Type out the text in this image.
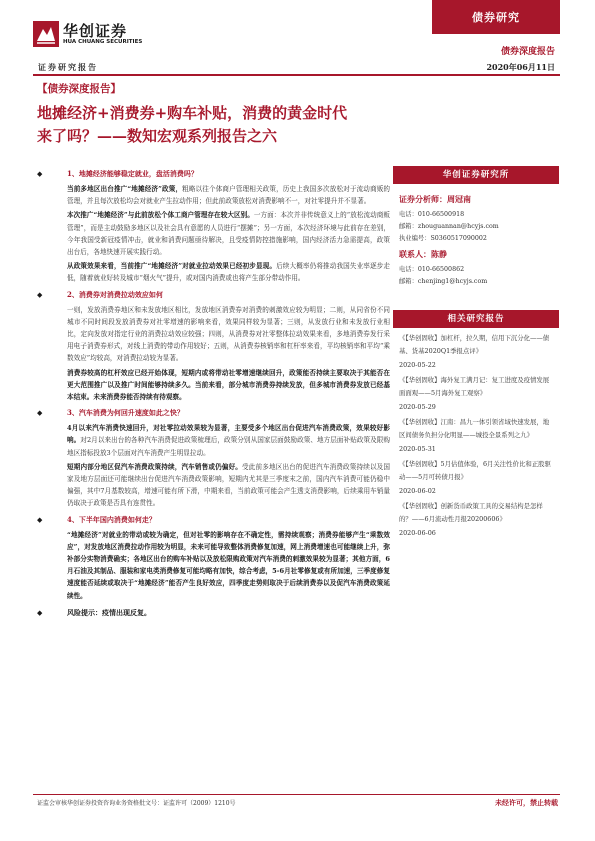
华创证券
HUA CHUANG SECURITIES
证券研究报告
债券研究
债券深度报告
2020年06月11日
【债券深度报告】
地摊经济+消费券+购车补贴，消费的黄金时代来了吗？——数知宏观系列报告之六
◆	1、地摊经济能够稳定就业，盘活消费吗？
当前多地区出台推广“地摊经济”政策，粗略以往个体商户管理相关政策，历史上我国多次放松对于流动商贩的管理，并且每次放松均会对就业产生拉动作用；但此前政策放松对消费影响不一，对社零提升并不显著。
本次推广“地摊经济”与此前放松个体工商户管理存在较大区别。一方面：本次并非传统意义上的“放松流动商贩管理”，而是主动鼓励多地区以及社会具有意愿的人员进行“摆摊”；另一方面，本次经济环境与此前存在差别，今年我国受新冠疫情冲击，就业和消费问题亟待解决，且受疫情防控措施影响，国内经济活力急需提高，政策出台后，各地快速开展实践行动。
从政策效果来看，当前推广“地摊经济”对就业拉动效果已经初步显现。后续大概率仍将推动我国失业率逐步走低，随着就业好转及城市“烟火气”提升，或对国内消费或也将产生部分带动作用。
◆	2、消费券对消费拉动效应如何
一则，发放消费券地区和未发放地区相比，发放地区消费券对消费的刺激效应较为明显；二则，从同省份不同城市不同时间段发放消费券对社零增速的影响来看，效果同样较为显著；三则，从发放行业和未发放行业相比，定向发放对指定行业的消费拉动效应较强；四则，从消费券对社零整体拉动效果来看，多地消费券发行采用电子消费券形式，对线上消费的带动作用较好；五则，从消费券核销率和杠杆率来看，平均核销率和平均“乘数效应”均较高，对消费拉动较为显著。
消费券较高的杠杆效应已经开始体现，短期内或将带动社零增速继续回升，政策能否持续主要取决于其能否在更大范围推广以及推广时间能够持续多久。当前来看，部分城市消费券持续发放，但多城市消费券发放已经基本结束。未来消费券能否持续有待观察。
◆	3、汽车消费为何回升速度如此之快？
4月以来汽车消费快速回升，对社零拉动效果较为显著，主要受多个地区出台促进汽车消费政策，效果较好影响。对2月以来出台的各种汽车消费促进政策梳理后，政策分别从国家层面鼓励政策、地方层面补贴政策及限购地区指标投放3个层面对汽车消费产生明显拉动。
短期内部分地区促汽车消费政策持续，汽车销售或仍偏好。受此前多地区出台的促进汽车消费政策持续以及国家及地方层面还可能继续出台促进汽车消费政策影响，短期内尤其是三季度末之前，国内汽车消费可能仍稳中偏强，其中7月基数较高，增速可能有所下滑，中期来看，当前政策可能会产生透支消费影响，后续乘用车销量仍取决于政策是否具有连贯性。
◆	4、下半年国内消费如何走？
“地摊经济”对就业的带动或较为确定，但对社零的影响存在不确定性，需持续观察；消费券能够产生“乘数效应”，对发放地区消费拉动作用较为明显，未来可能导致整体消费修复加速，网上消费增速也可能继续上升，弥补部分实物消费确实；各地区出台的购车补贴以及放松限购政策对汽车消费的刺激效果较为显著；其他方面，6月石油及其制品、服装和家电类消费修复可能均略有加快，综合考虑，5-6月社零修复或有所加速，三季度修复速度能否延续或取决于“地摊经济”能否产生良好效应，四季度走势则取决于后续消费券以及促汽车消费政策延续性。
◆	风险提示：疫情出现反复。
华创证券研究所
证券分析师：周冠南
电话：010-66500918
邮箱：zhouguannan@hcyjs.com
执业编号：S0360517090002
联系人：陈静
电话：010-66500862
邮箱：chenjing1@hcyjs.com
相关研究报告
《【华创固收】加杠杆，拉久期，信用下沉分化——债基、货基2020Q1季报点评》
2020-05-22
《【华创固收】海外复工满月记：复工进度及疫情发展面面观——5月海外复工观察》
2020-05-29
《【华创固收】江南：昌九一体引领省域快速发展，地区间债务负担分化明显——城投全景系列之九》
2020-05-31
《【华创固收】5月估值体验，6月关注性价比和正股驱动——5月可转债月报》
2020-06-02
《【华创固收】创新货币政策工具的交易结构是怎样的？——6月流动性月报20200606》
2020-06-06
证监会审核华创证券投资咨询业务资格批文号：证监许可（2009）1210号	未经许可，禁止转载
